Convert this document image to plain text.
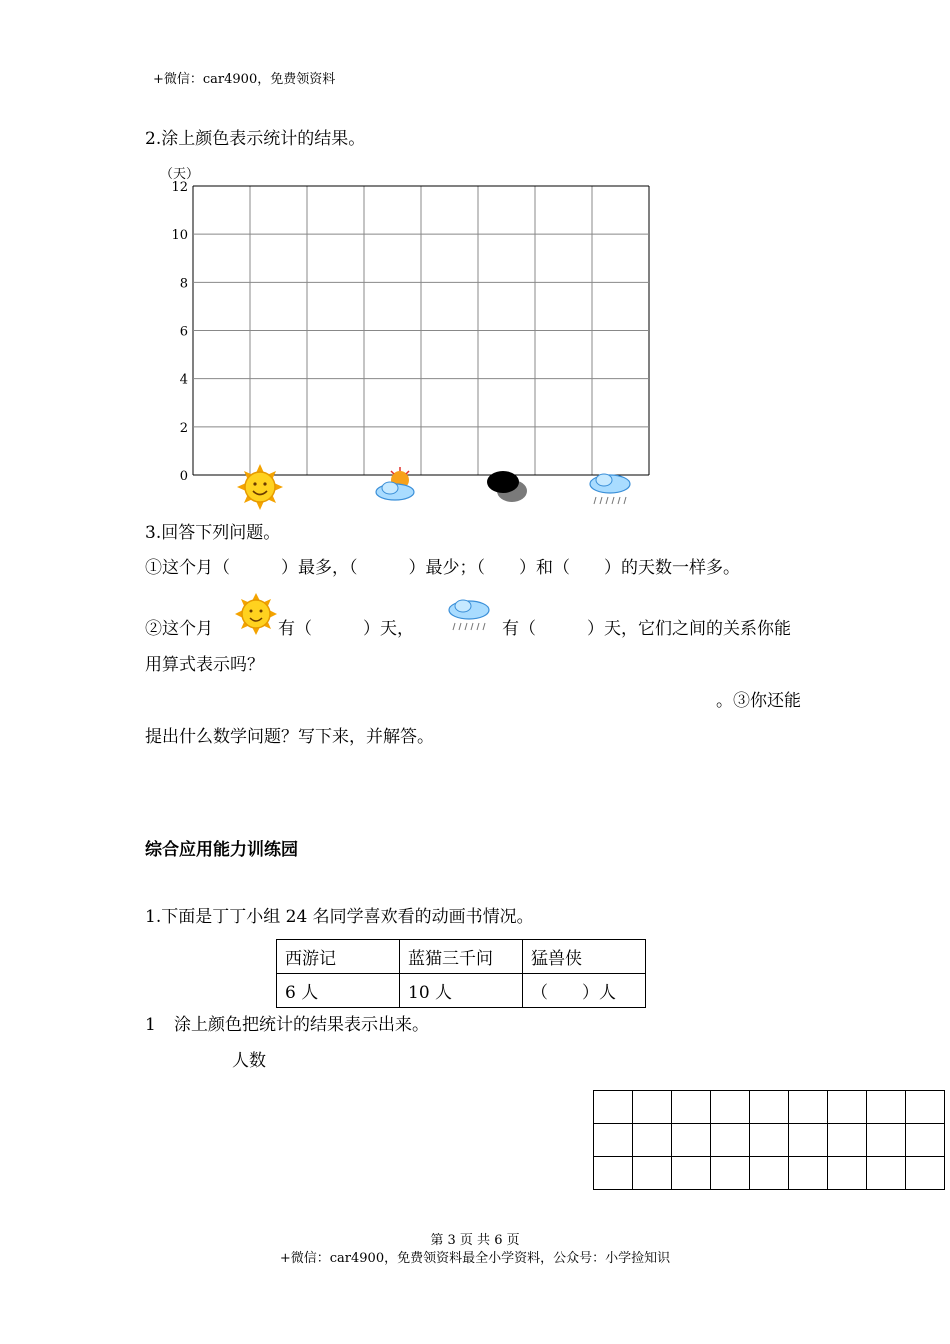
+微信：car4900，免费领资料
2.涂上颜色表示统计的结果。
（天）
0
2
4
6
8
10
12
3.回答下列问题。
①这个月（　　　）最多，（　　　）最少；（　　）和（　　）的天数一样多。
②这个月	有（　　　）天，	有（　　　）天，它们之间的关系你能
用算式表示吗？
。③你还能
提出什么数学问题？写下来，并解答。
综合应用能力训练园
1.下面是丁丁小组 24 名同学喜欢看的动画书情况。
西游记	蓝猫三千问	猛兽侠
6 人	10 人	（　　）人
1 涂上颜色把统计的结果表示出来。
人数

第 3 页 共 6 页
+微信：car4900，免费领资料最全小学资料，公众号：小学捡知识
